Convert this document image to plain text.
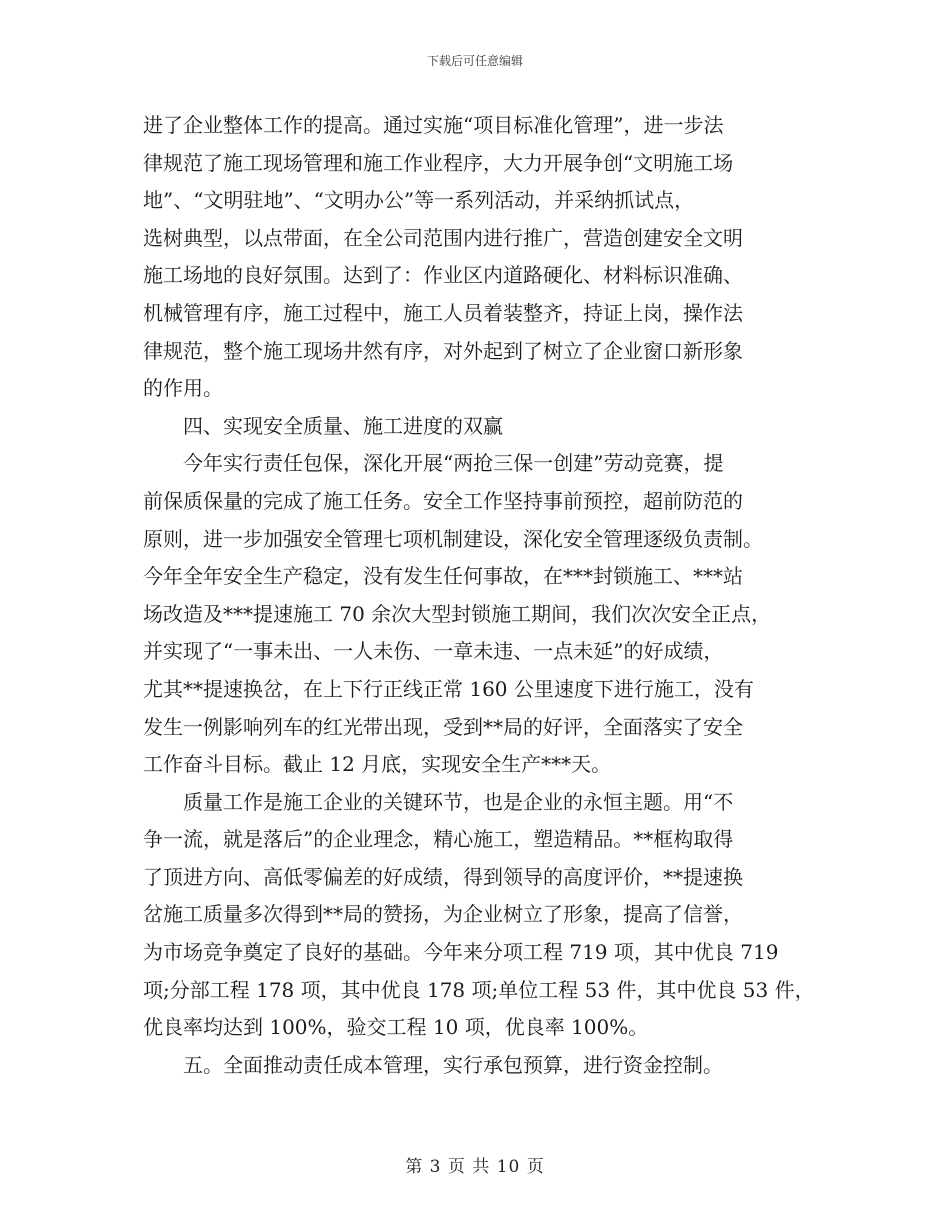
下载后可任意编辑
进了企业整体工作的提高。通过实施“项目标准化管理”，进一步法
律规范了施工现场管理和施工作业程序，大力开展争创“文明施工场
地”、“文明驻地”、“文明办公”等一系列活动，并采纳抓试点，
选树典型，以点带面，在全公司范围内进行推广，营造创建安全文明
施工场地的良好氛围。达到了：作业区内道路硬化、材料标识准确、
机械管理有序，施工过程中，施工人员着装整齐，持证上岗，操作法
律规范，整个施工现场井然有序，对外起到了树立了企业窗口新形象
的作用。
　　四、实现安全质量、施工进度的双赢
　　今年实行责任包保，深化开展“两抢三保一创建”劳动竞赛，提
前保质保量的完成了施工任务。安全工作坚持事前预控，超前防范的
原则，进一步加强安全管理七项机制建设，深化安全管理逐级负责制。
今年全年安全生产稳定，没有发生任何事故，在***封锁施工、***站
场改造及***提速施工 70 余次大型封锁施工期间，我们次次安全正点，
并实现了“一事未出、一人未伤、一章未违、一点未延”的好成绩，
尤其**提速换岔，在上下行正线正常 160 公里速度下进行施工，没有
发生一例影响列车的红光带出现，受到**局的好评，全面落实了安全
工作奋斗目标。截止 12 月底，实现安全生产***天。
　　质量工作是施工企业的关键环节，也是企业的永恒主题。用“不
争一流，就是落后”的企业理念，精心施工，塑造精品。**框构取得
了顶进方向、高低零偏差的好成绩，得到领导的高度评价，**提速换
岔施工质量多次得到**局的赞扬，为企业树立了形象，提高了信誉，
为市场竞争奠定了良好的基础。今年来分项工程 719 项，其中优良 719
项;分部工程 178 项，其中优良 178 项;单位工程 53 件，其中优良 53 件，
优良率均达到 100%，验交工程 10 项，优良率 100%。
　　五。全面推动责任成本管理，实行承包预算，进行资金控制。
第 3 页 共 10 页
